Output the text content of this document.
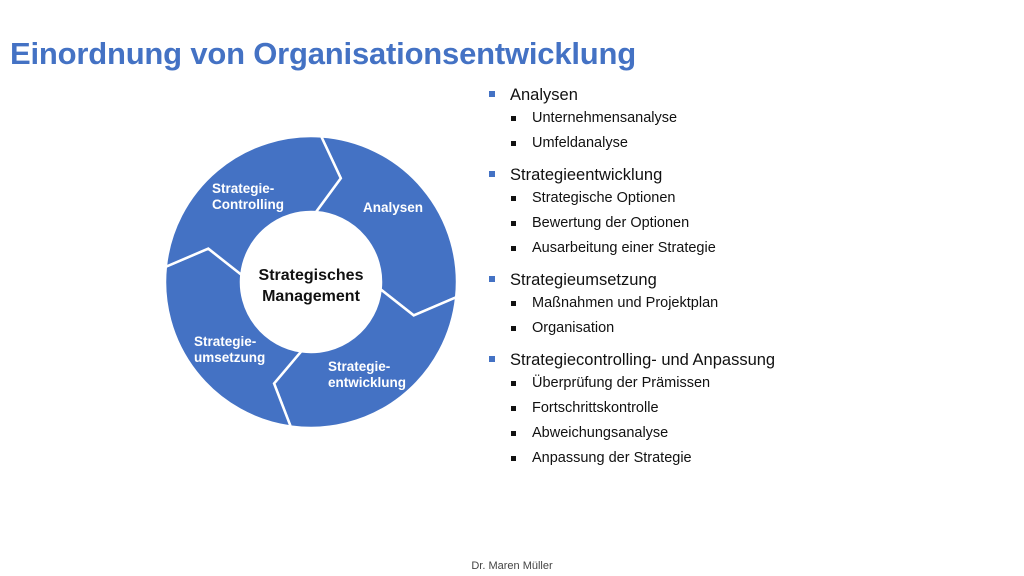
Einordnung von Organisationsentwicklung
Strategisches
Management
Analysen
Strategie-entwicklung
Strategie-umsetzung
Strategie-Controlling
Analysen
Unternehmensanalyse
Umfeldanalyse
Strategieentwicklung
Strategische Optionen
Bewertung der Optionen
Ausarbeitung einer Strategie
Strategieumsetzung
Maßnahmen und Projektplan
Organisation
Strategiecontrolling- und Anpassung
Überprüfung der Prämissen
Fortschrittskontrolle
Abweichungsanalyse
Anpassung der Strategie
Dr. Maren Müller
